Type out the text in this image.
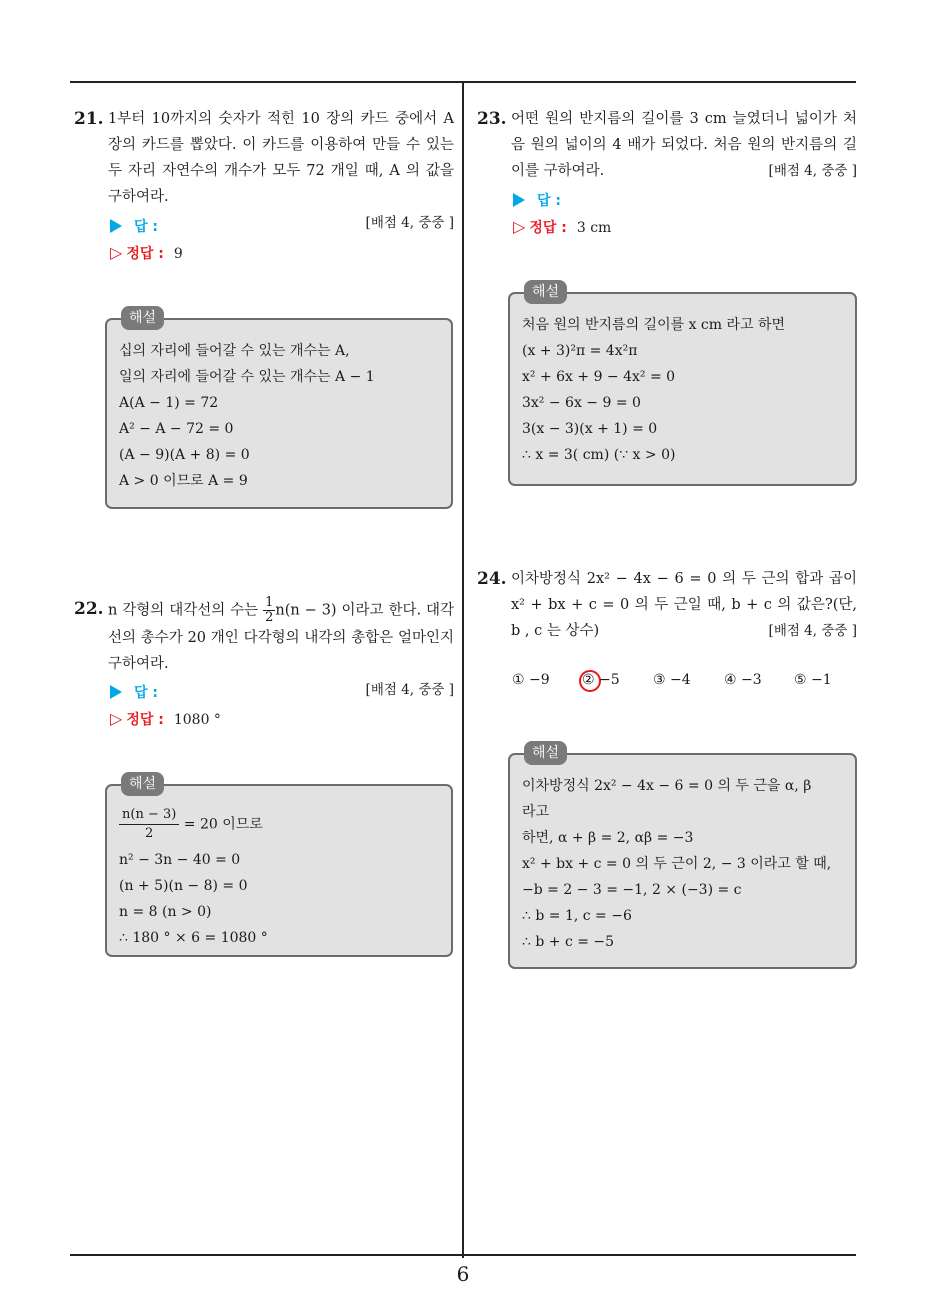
21. 1부터 10까지의 숫자가 적힌 10 장의 카드 중에서 A 장의 카드를 뽑았다. 이 카드를 이용하여 만들 수 있는 두 자리 자연수의 개수가 모두 72 개일 때, A 의 값을 구하여라.
[배점 4, 중중 ]
답 :
▷ 정답 : 9
해설
십의 자리에 들어갈 수 있는 개수는 A,
일의 자리에 들어갈 수 있는 개수는 A − 1
A(A − 1) = 72
A² − A − 72 = 0
(A − 9)(A + 8) = 0
A > 0 이므로 A = 9
22. n 각형의 대각선의 수는 $\frac{1}{2} n(n - 3)$ 이라고 한다. 대각선의 총수가 20 개인 다각형의 내각의 총합은 얼마인지 구하여라.
[배점 4, 중중 ]
답 :
▷ 정답 : 1080 °
해설
$\frac{n(n - 3)}{2} = 20$ 이므로
n² − 3n − 40 = 0
(n + 5)(n − 8) = 0
n = 8 (n > 0)
∴ 180 ° × 6 = 1080 °
23. 어떤 원의 반지름의 길이를 3 cm 늘였더니 넓이가 처음 원의 넓이의 4 배가 되었다. 처음 원의 반지름의 길이를 구하여라.	[배점 4, 중중 ]
답 :
▷ 정답 : 3 cm
해설
처음 원의 반지름의 길이를 x cm 라고 하면
(x + 3)²π = 4x²π
x² + 6x + 9 − 4x² = 0
3x² − 6x − 9 = 0
3(x − 3)(x + 1) = 0
∴ x = 3( cm) (∵ x > 0)
24. 이차방정식 2x² − 4x − 6 = 0 의 두 근의 합과 곱이 x² + bx + c = 0 의 두 근일 때, b + c 의 값은?(단, b , c 는 상수)	[배점 4, 중중 ]
① −9 ② −5 ③ −4 ④ −3 ⑤ −1
해설
이차방정식 2x² − 4x − 6 = 0 의 두 근을 α, β
라고
하면, α + β = 2, αβ = −3
x² + bx + c = 0 의 두 근이 2, − 3 이라고 할 때,
−b = 2 − 3 = −1, 2 × (−3) = c
∴ b = 1, c = −6
∴ b + c = −5
6
